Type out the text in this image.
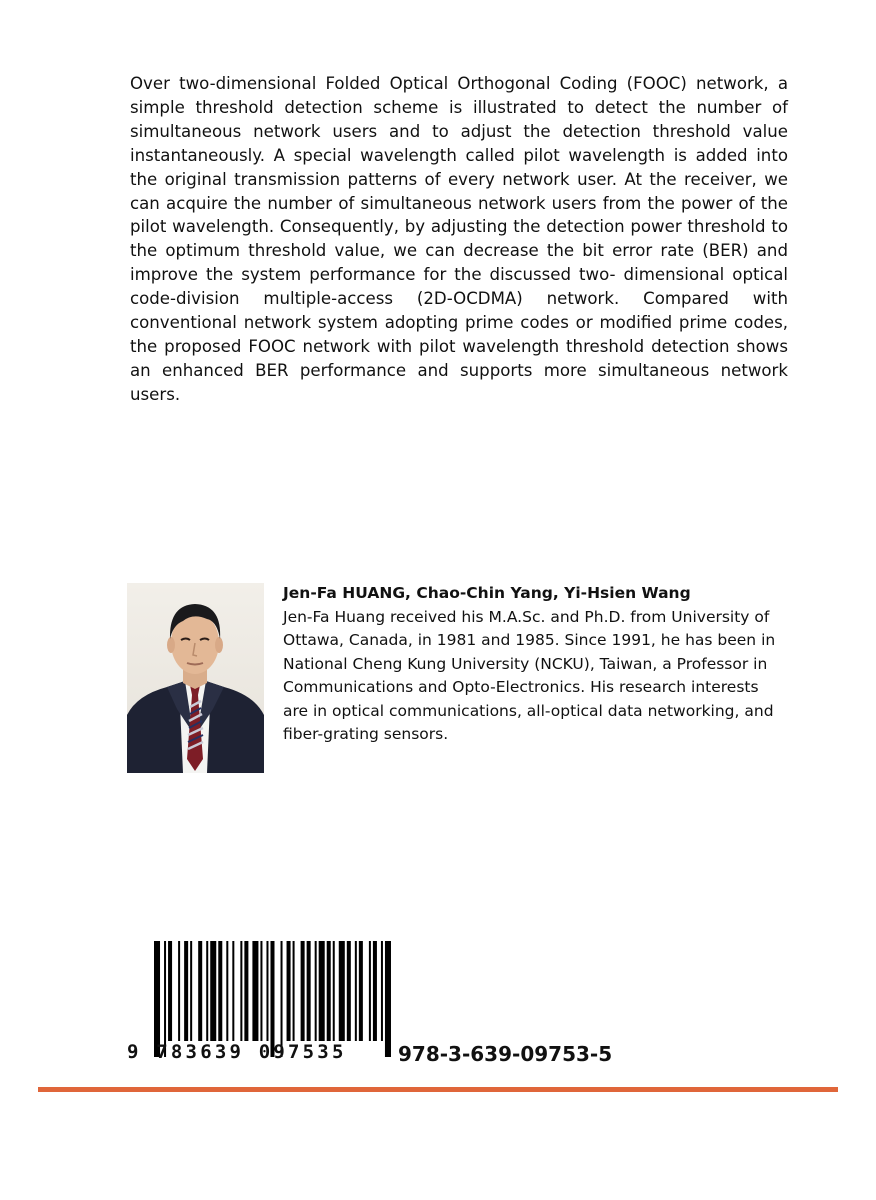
Over two-dimensional Folded Optical Orthogonal Coding (FOOC) network, a simple threshold detection scheme is illustrated to detect the number of simultaneous network users and to adjust the detection threshold value instantaneously. A special wavelength called pilot wavelength is added into the original transmission patterns of every network user. At the receiver, we can acquire the number of simultaneous network users from the power of the pilot wavelength. Consequently, by adjusting the detection power threshold to the optimum threshold value, we can decrease the bit error rate (BER) and improve the system performance for the discussed two- dimensional optical code-division multiple-access (2D-OCDMA) network. Compared with conventional network system adopting prime codes or modified prime codes, the proposed FOOC network with pilot wavelength threshold detection shows an enhanced BER performance and supports more simultaneous network users.

Jen-Fa HUANG, Chao-Chin Yang, Yi-Hsien Wang

Jen-Fa Huang received his M.A.Sc. and Ph.D. from University of Ottawa, Canada, in 1981 and 1985. Since 1991, he has been in National Cheng Kung University (NCKU), Taiwan, a Professor in Communications and Opto-Electronics. His research interests are in optical communications, all-optical data networking, and fiber-grating sensors.

9 783639 097535	978-3-639-09753-5
